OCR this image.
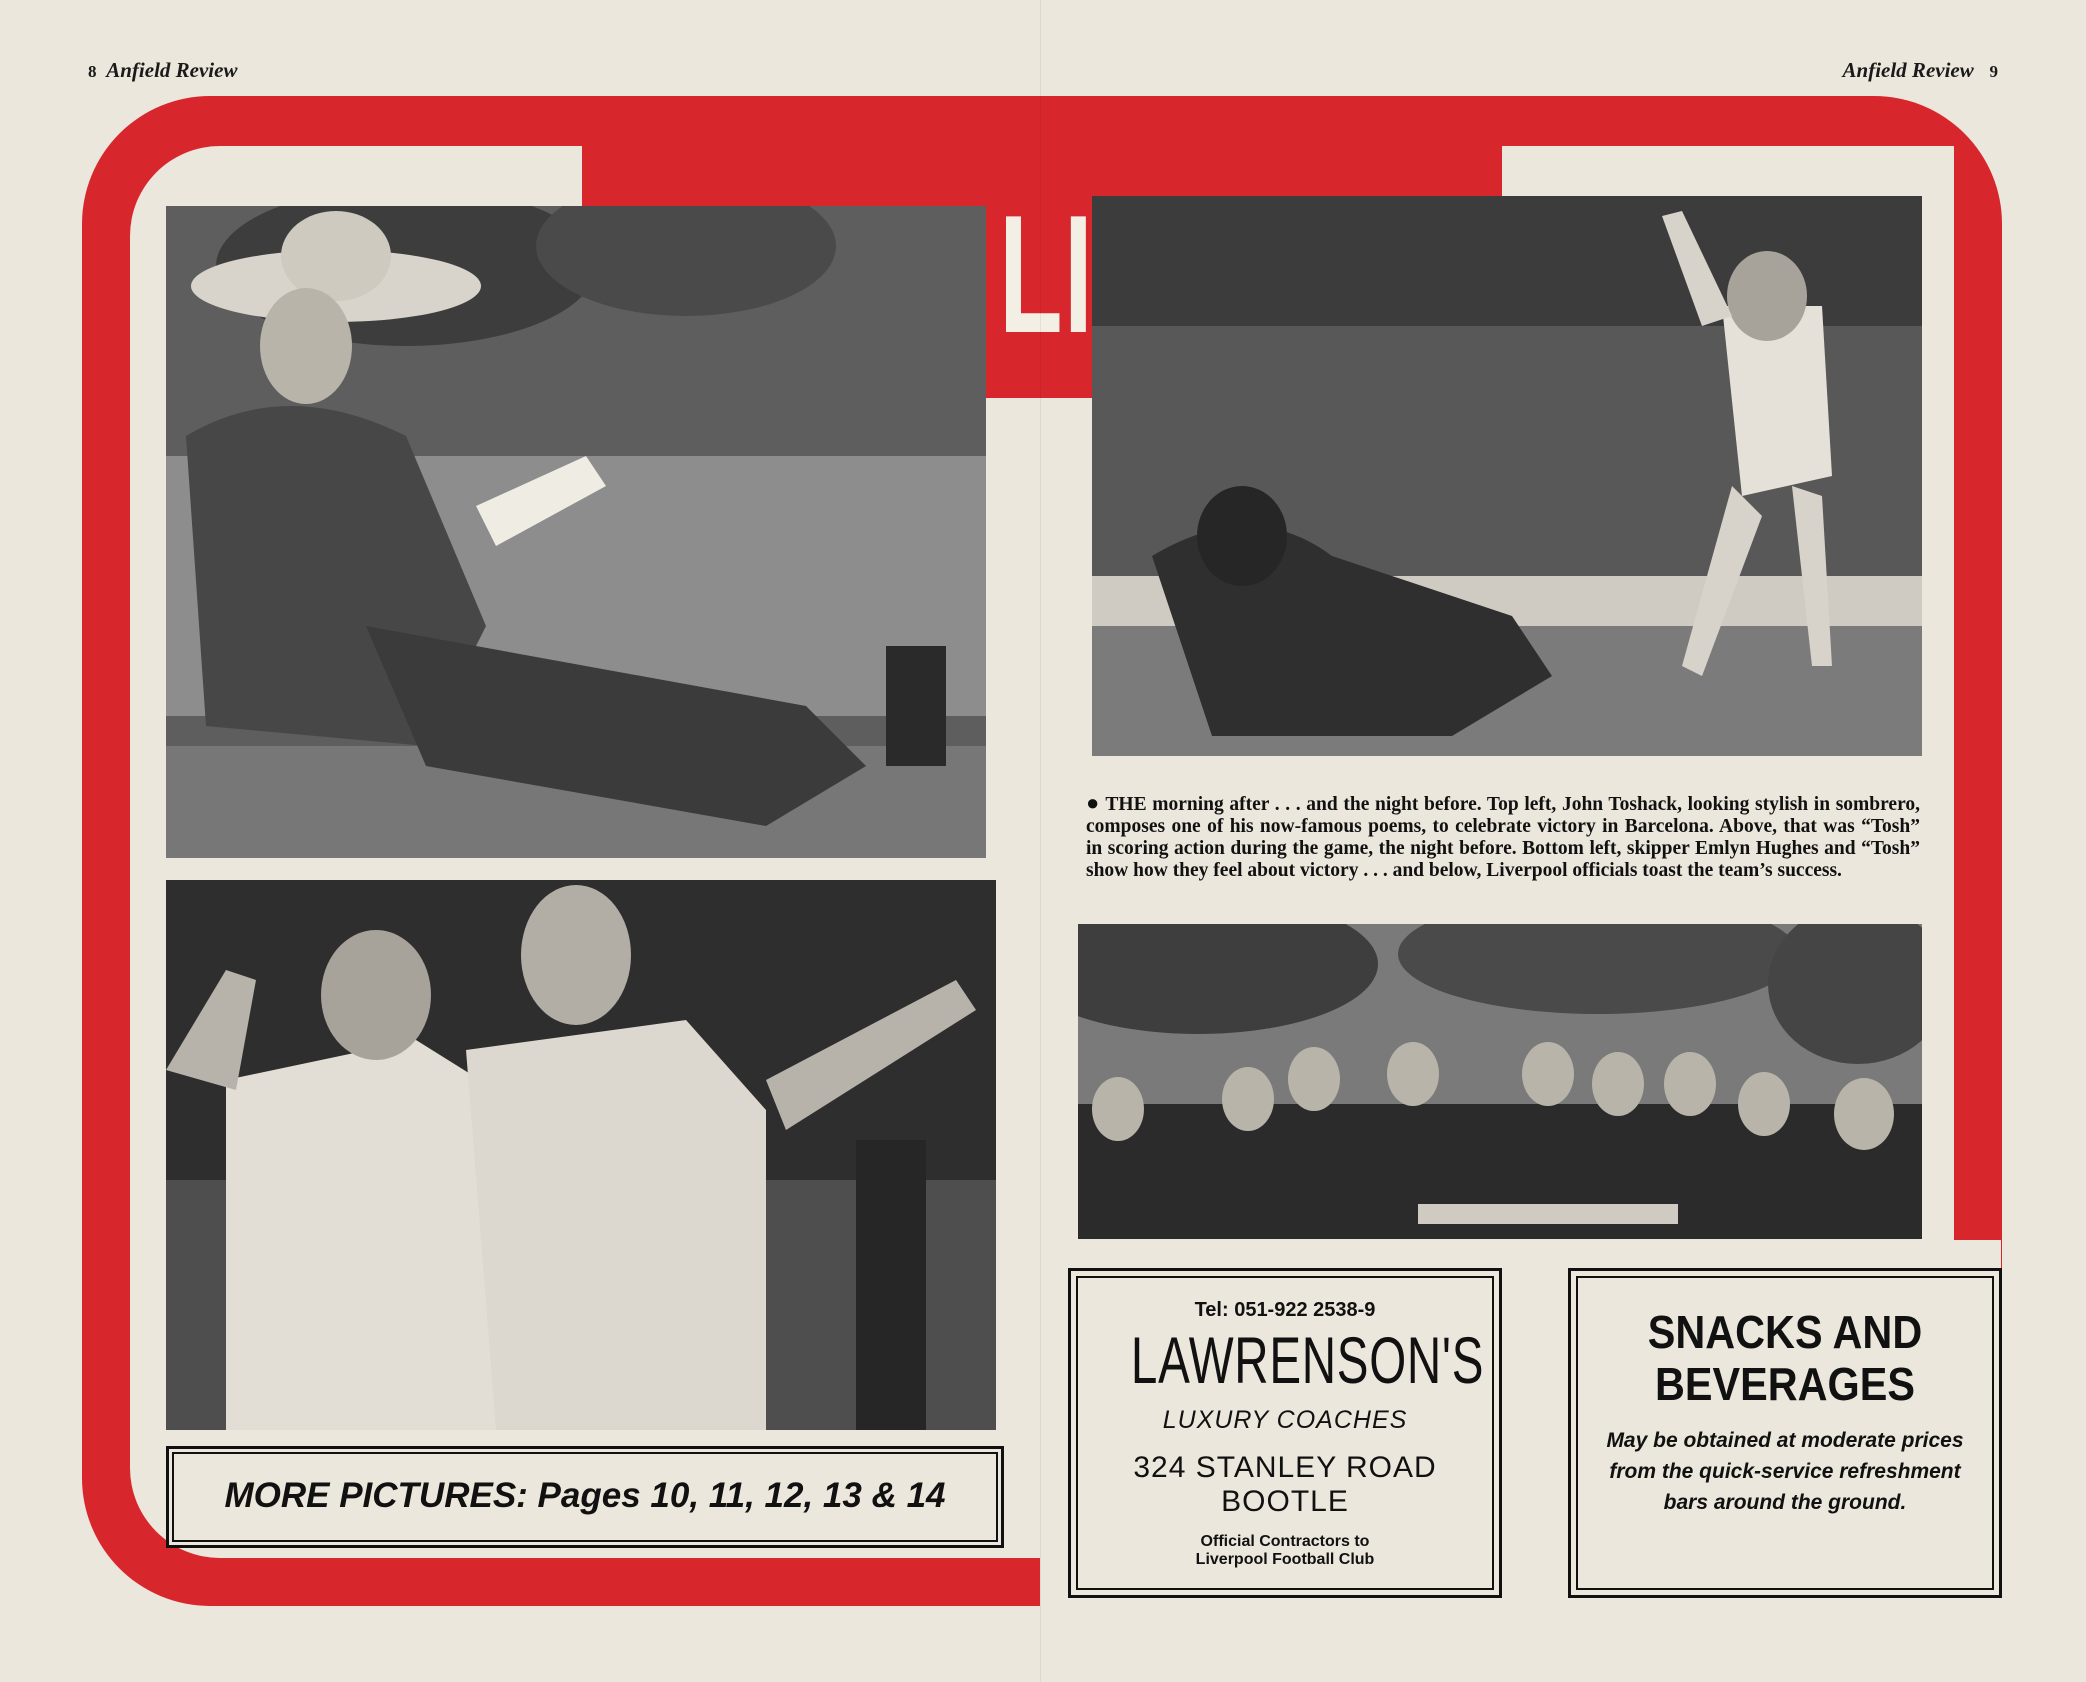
8 Anfield Review	Anfield Review 9
● THE morning after . . . and the night before. Top left, John Toshack, looking stylish in sombrero, composes one of his now-famous poems, to celebrate victory in Barcelona. Above, that was “Tosh” in scoring action during the game, the night before. Bottom left, skipper Emlyn Hughes and “Tosh” show how they feel about victory . . . and below, Liverpool officials toast the team’s success.
MORE PICTURES: Pages 10, 11, 12, 13 & 14
Tel: 051-922 2538-9
LAWRENSON'S
LUXURY COACHES
324 STANLEY ROAD
BOOTLE
Official Contractors to
Liverpool Football Club
SNACKS AND
BEVERAGES
May be obtained at moderate prices from the quick-service refreshment bars around the ground.
